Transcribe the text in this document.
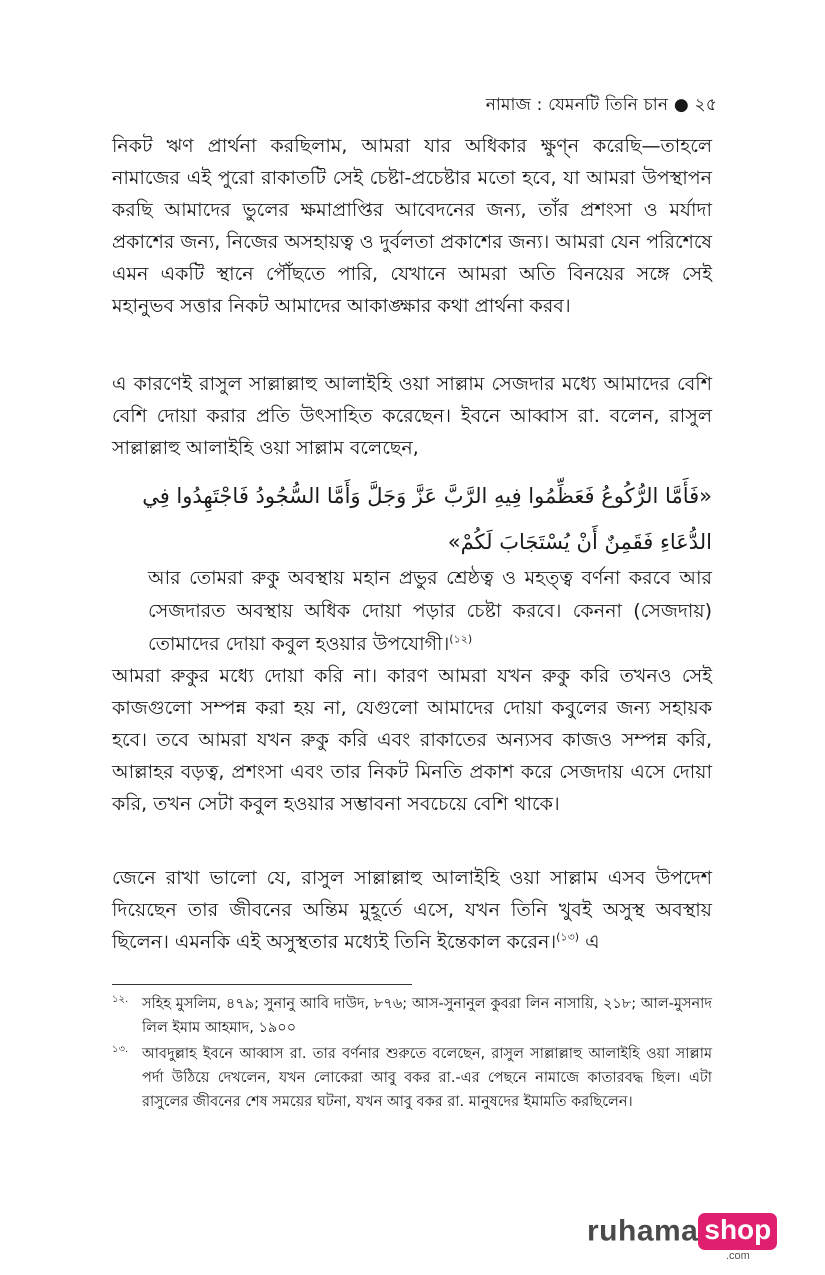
নামাজ : যেমনটি তিনি চান ● ২৫

নিকট ঋণ প্রার্থনা করছিলাম, আমরা যার অধিকার ক্ষুণ্ন করেছি—তাহলে নামাজের এই পুরো রাকাতটি সেই চেষ্টা-প্রচেষ্টার মতো হবে, যা আমরা উপস্থাপন করছি আমাদের ভুলের ক্ষমাপ্রাপ্তির আবেদনের জন্য, তাঁর প্রশংসা ও মর্যাদা প্রকাশের জন্য, নিজের অসহায়ত্ব ও দুর্বলতা প্রকাশের জন্য। আমরা যেন পরিশেষে এমন একটি স্থানে পৌঁছতে পারি, যেখানে আমরা অতি বিনয়ের সঙ্গে সেই মহানুভব সত্তার নিকট আমাদের আকাঙ্ক্ষার কথা প্রার্থনা করব।

এ কারণেই রাসুল সাল্লাল্লাহু আলাইহি ওয়া সাল্লাম সেজদার মধ্যে আমাদের বেশি বেশি দোয়া করার প্রতি উৎসাহিত করেছেন। ইবনে আব্বাস রা. বলেন, রাসুল সাল্লাল্লাহু আলাইহি ওয়া সাল্লাম বলেছেন,

«فَأَمَّا الرُّكُوعُ فَعَظِّمُوا فِيهِ الرَّبَّ عَزَّ وَجَلَّ وَأَمَّا السُّجُودُ فَاجْتَهِدُوا فِي

الدُّعَاءِ فَقَمِنٌ أَنْ يُسْتَجَابَ لَكُمْ»

আর তোমরা রুকু অবস্থায় মহান প্রভুর শ্রেষ্ঠত্ব ও মহত্ত্ব বর্ণনা করবে আর সেজদারত অবস্থায় অধিক দোয়া পড়ার চেষ্টা করবে। কেননা (সেজদায়) তোমাদের দোয়া কবুল হওয়ার উপযোগী।$^{(১২)}$

আমরা রুকুর মধ্যে দোয়া করি না। কারণ আমরা যখন রুকু করি তখনও সেই কাজগুলো সম্পন্ন করা হয় না, যেগুলো আমাদের দোয়া কবুলের জন্য সহায়ক হবে। তবে আমরা যখন রুকু করি এবং রাকাতের অন্যসব কাজও সম্পন্ন করি, আল্লাহর বড়ত্ব, প্রশংসা এবং তার নিকট মিনতি প্রকাশ করে সেজদায় এসে দোয়া করি, তখন সেটা কবুল হওয়ার সম্ভাবনা সবচেয়ে বেশি থাকে।

জেনে রাখা ভালো যে, রাসুল সাল্লাল্লাহু আলাইহি ওয়া সাল্লাম এসব উপদেশ দিয়েছেন তার জীবনের অন্তিম মুহূর্তে এসে, যখন তিনি খুবই অসুস্থ অবস্থায় ছিলেন। এমনকি এই অসুস্থতার মধ্যেই তিনি ইন্তেকাল করেন।$^{(১৩)}$ এ

১২. সহিহ মুসলিম, ৪৭৯; সুনানু আবি দাউদ, ৮৭৬; আস-সুনানুল কুবরা লিন নাসায়ি, ২১৮; আল-মুসনাদ লিল ইমাম আহমাদ, ১৯০০

১৩. আবদুল্লাহ ইবনে আব্বাস রা. তার বর্ণনার শুরুতে বলেছেন, রাসুল সাল্লাল্লাহু আলাইহি ওয়া সাল্লাম পর্দা উঠিয়ে দেখলেন, যখন লোকেরা আবু বকর রা.-এর পেছনে নামাজে কাতারবদ্ধ ছিল। এটা রাসুলের জীবনের শেষ সময়ের ঘটনা, যখন আবু বকর রা. মানুষদের ইমামতি করছিলেন।

ruhama shop
.com
